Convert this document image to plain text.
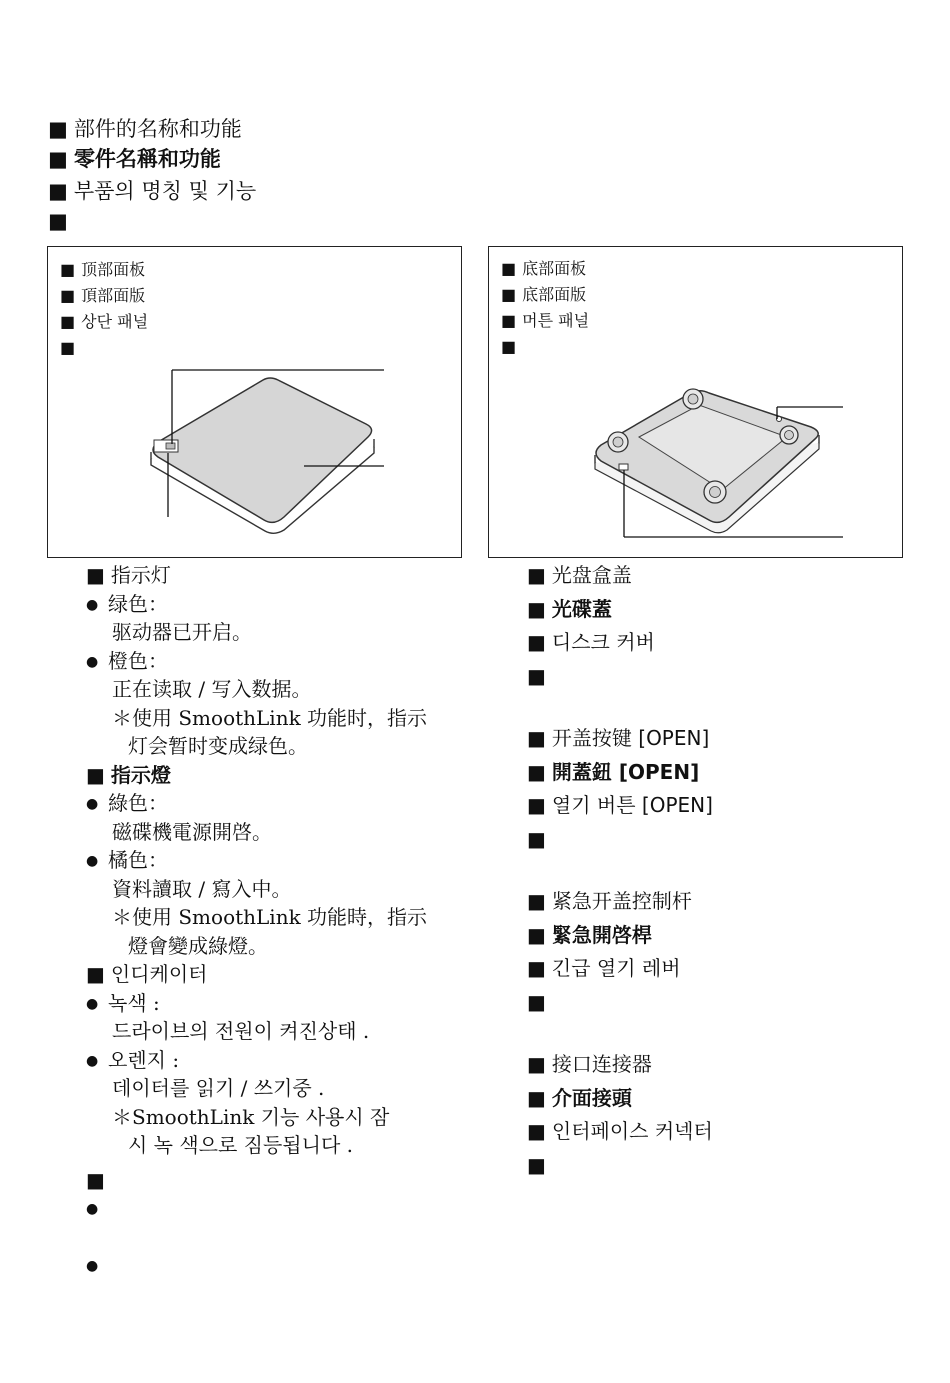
■ 部件的名称和功能
■ 零件名稱和功能
■ 부품의 명칭 및 기능
■
■ 顶部面板
■ 頂部面版
■ 상단 패널
■
■ 底部面板
■ 底部面版
■ 머튼 패널
■
■ 指示灯
● 绿色：
驱动器已开启。
● 橙色：
正在读取 / 写入数据。
＊使用 SmoothLink 功能时，指示
灯会暂时变成绿色。
■ 指示燈
● 綠色：
磁碟機電源開啓。
● 橘色：
資料讀取 / 寫入中。
＊使用 SmoothLink 功能時，指示
燈會變成綠燈。
■ 인디케이터
● 녹색 :
드라이브의 전원이 켜진상태 .
● 오렌지 :
데이터를 읽기 / 쓰기중 .
＊SmoothLink 기능 사용시 잠
시 녹 색으로 짐등됩니다 .
■
●
●
■ 光盘盒盖
■ 光碟蓋
■ 디스크 커버
■
■ 开盖按键 [OPEN]
■ 開蓋鈕 [OPEN]
■ 열기 버튼 [OPEN]
■
■ 紧急开盖控制杆
■ 緊急開啓桿
■ 긴급 열기 레버
■
■ 接口连接器
■ 介面接頭
■ 인터페이스 커넥터
■
